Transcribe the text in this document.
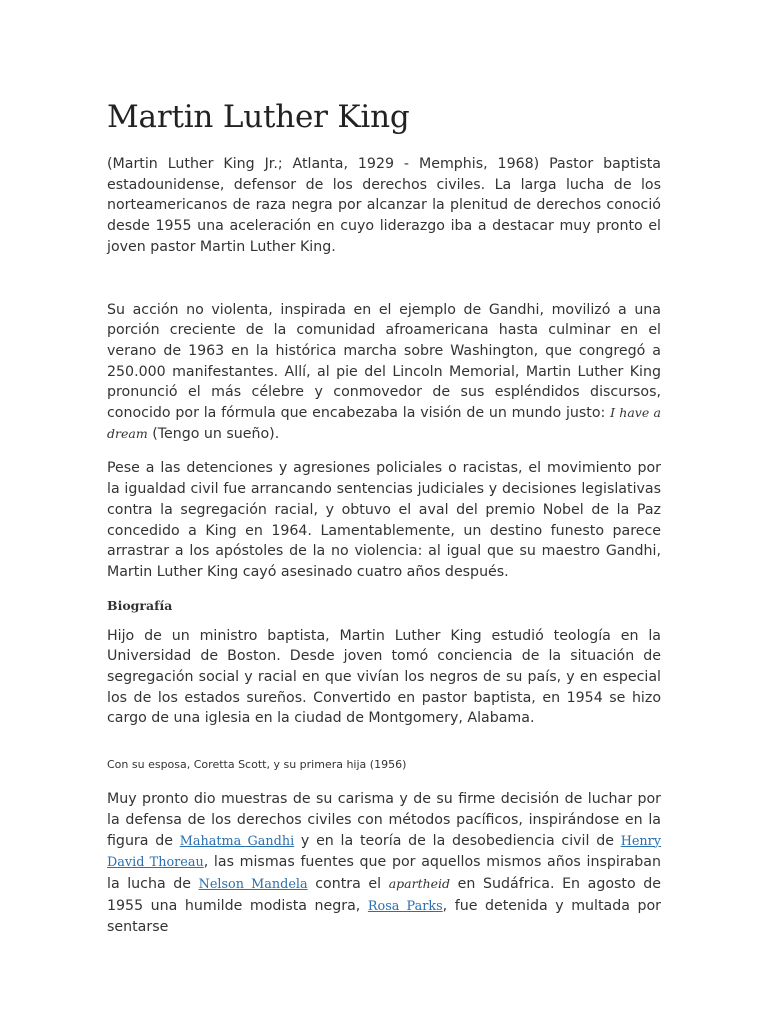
Martin Luther King

(Martin Luther King Jr.; Atlanta, 1929 - Memphis, 1968) Pastor baptista estadounidense, defensor de los derechos civiles. La larga lucha de los norteamericanos de raza negra por alcanzar la plenitud de derechos conoció desde 1955 una aceleración en cuyo liderazgo iba a destacar muy pronto el joven pastor Martin Luther King.

Su acción no violenta, inspirada en el ejemplo de Gandhi, movilizó a una porción creciente de la comunidad afroamericana hasta culminar en el verano de 1963 en la histórica marcha sobre Washington, que congregó a 250.000 manifestantes. Allí, al pie del Lincoln Memorial, Martin Luther King pronunció el más célebre y conmovedor de sus espléndidos discursos, conocido por la fórmula que encabezaba la visión de un mundo justo: I have a dream (Tengo un sueño).

Pese a las detenciones y agresiones policiales o racistas, el movimiento por la igualdad civil fue arrancando sentencias judiciales y decisiones legislativas contra la segregación racial, y obtuvo el aval del premio Nobel de la Paz concedido a King en 1964. Lamentablemente, un destino funesto parece arrastrar a los apóstoles de la no violencia: al igual que su maestro Gandhi, Martin Luther King cayó asesinado cuatro años después.

Biografía

Hijo de un ministro baptista, Martin Luther King estudió teología en la Universidad de Boston. Desde joven tomó conciencia de la situación de segregación social y racial en que vivían los negros de su país, y en especial los de los estados sureños. Convertido en pastor baptista, en 1954 se hizo cargo de una iglesia en la ciudad de Montgomery, Alabama.

Con su esposa, Coretta Scott, y su primera hija (1956)

Muy pronto dio muestras de su carisma y de su firme decisión de luchar por la defensa de los derechos civiles con métodos pacíficos, inspirándose en la figura de Mahatma Gandhi y en la teoría de la desobediencia civil de Henry David Thoreau, las mismas fuentes que por aquellos mismos años inspiraban la lucha de Nelson Mandela contra el apartheid en Sudáfrica. En agosto de 1955 una humilde modista negra, Rosa Parks, fue detenida y multada por sentarse
